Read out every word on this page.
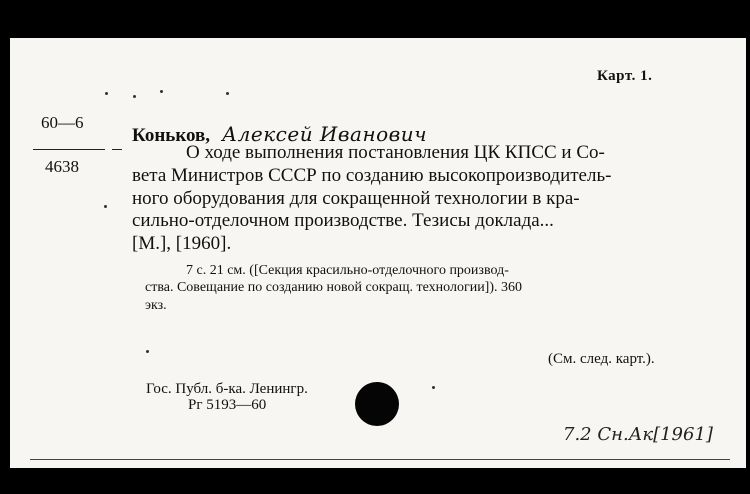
Карт. 1.
60—6
4638
Коньков, Алексей Иванович
О ходе выполнения постановления ЦК КПСС и Со-
вета Министров СССР по созданию высокопроизводитель-
ного оборудования для сокращенной технологии в кра-
сильно-отделочном производстве. Тезисы доклада...
[М.], [1960].
7 с. 21 см. ([Секция красильно-отделочного производ-
ства. Совещание по созданию новой сокращ. технологии]). 360
экз.
(См. след. карт.).
Гос. Публ. б-ка. Ленингр.
Рг 5193—60
7.2 Сн.Ак[1961]
